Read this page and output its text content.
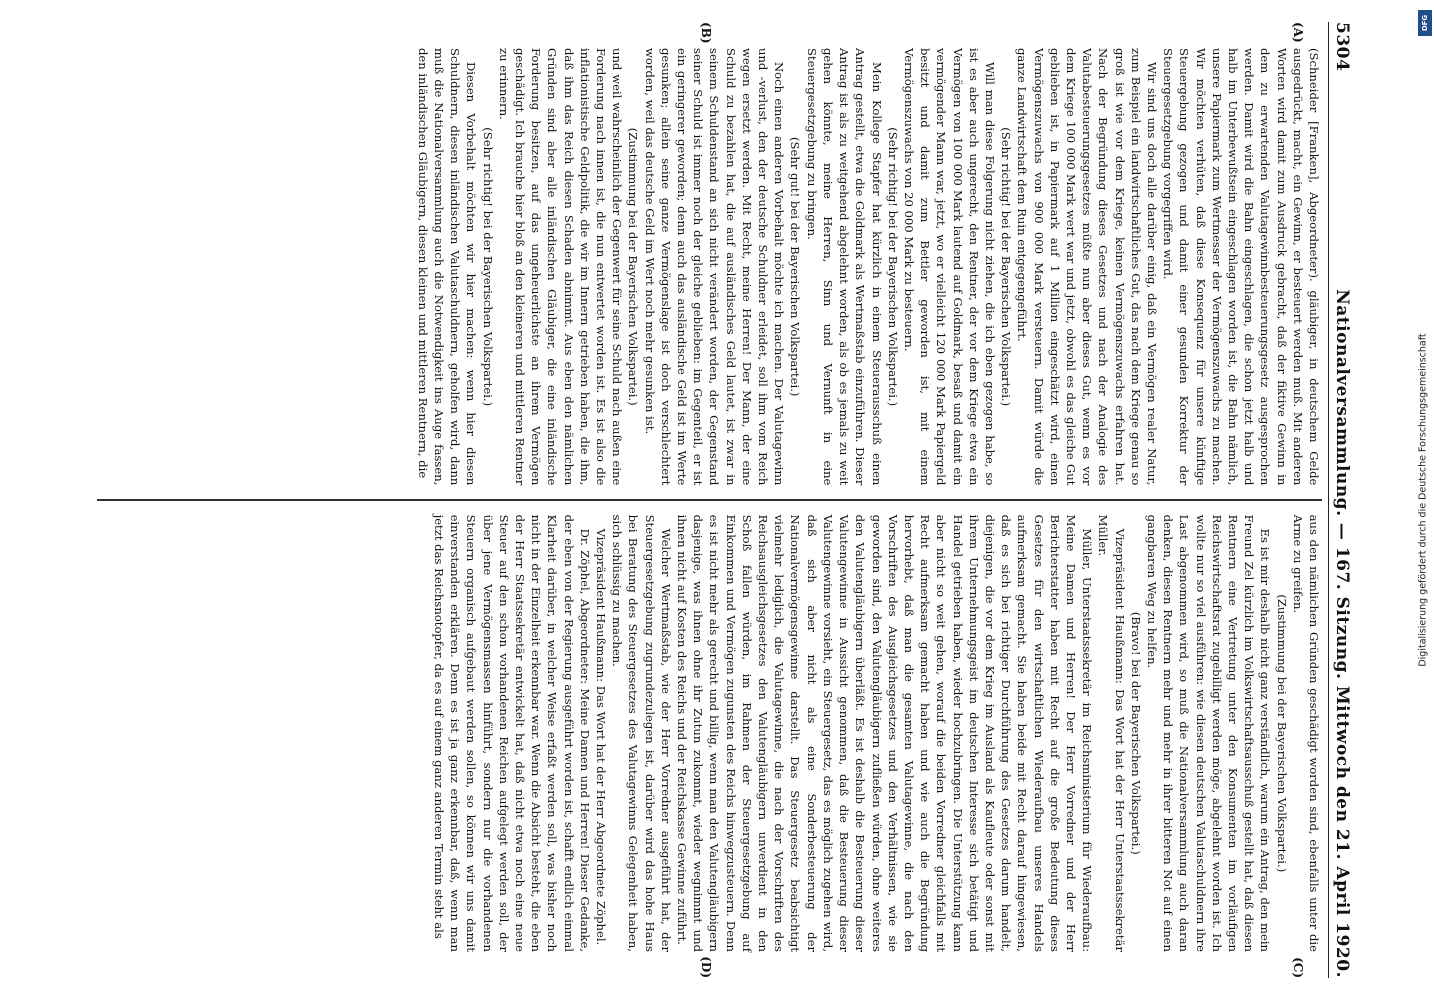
5304
Nationalversammlung. — 167. Sitzung. Mittwoch den 21. April 1920.
(A)
(B)

(Schneider [Franken], Abgeordneter). gläubiger, in deutschem Gelde ausgedrückt, macht, ein Gewinn, er besteuert werden muß. Mit anderen Worten wird damit zum Ausdruck gebracht, daß der fiktive Gewinn in dem zu erwartenden Valutagewinnbesteuerungsgesetz ausgesprochen werden. Damit wird die Bahn eingeschlagen, die schon jetzt halb und halb im Unterbewußtsein eingeschlagen worden ist, die Bahn nämlich, unsere Papiermark zum Wertmesser der Vermögenszuwachs zu machen. Wir möchten verhüten, daß diese Konsequenz für unsere künftige Steuergebung gezogen und damit einer gesunden Korrektur der Steuergesetzgebung vorgegriffen wird.

Wir sind uns doch alle darüber einig, daß ein Vermögen realer Natur, zum Beispiel ein landwirtschaftliches Gut, das nach dem Kriege genau so groß ist wie vor dem Kriege, keinen Vermögenszuwachs erfahren hat. Nach der Begründung dieses Gesetzes und nach der Analogie des Valutabesteuerungsgesetzes müßte nun aber dieses Gut, wenn es vor dem Kriege 100 000 Mark wert war und jetzt, obwohl es das gleiche Gut geblieben ist, in Papiermark auf 1 Million eingeschätzt wird, einen Vermögenszuwachs von 900 000 Mark versteuern. Damit würde die ganze Landwirtschaft dem Ruin entgegengeführt.

(Sehr richtig! bei der Bayerischen Volkspartei.)

Will man diese Folgerung nicht ziehen, die ich eben gezogen habe, so ist es aber auch ungerecht, den Rentner, der vor dem Kriege etwa ein Vermögen von 100 000 Mark lautend auf Goldmark, besaß und damit ein vermögender Mann war, jetzt, wo er vielleicht 120 000 Mark Papiergeld besitzt und damit zum Bettler geworden ist, mit einem Vermögenszuwachs von 20 000 Mark zu besteuern.

(Sehr richtig! bei der Bayerischen Volkspartei.)

Mein Kollege Stapfer hat kürzlich in einem Steuerausschuß einen Antrag gestellt, etwa die Goldmark als Wertmaßstab einzuführen. Dieser Antrag ist als zu weitgehend abgelehnt worden, als ob es jemals zu weit gehen könnte, meine Herren, Sinn und Vernunft in eine Steuergesetzgebung zu bringen.

(Sehr gut! bei der Bayerischen Volkspartei.)

Noch einen anderen Vorbehalt möchte ich machen. Der Valutagewinn und -verlust, den der deutsche Schuldner erleidet, soll ihm vom Reich wegen ersetzt werden. Mit Recht, meine Herren! Der Mann, der eine Schuld zu bezahlen hat, die auf ausländisches Geld lautet, ist zwar in seinem Schuldenstand an sich nicht verändert worden, der Gegenstand seiner Schuld ist immer noch der gleiche geblieben: im Gegenteil, er ist ein geringerer geworden; denn auch das ausländische Geld ist im Werte gesunken; allein seine ganze Vermögenslage ist doch verschlechtert worden, weil das deutsche Geld im Wert noch mehr gesunken ist.

(Zustimmung bei der Bayerischen Volkspartei.)

und weil wahrscheinlich der Gegenwert für seine Schuld nach außen eine Forderung nach innen ist, die nun entwertet worden ist. Es ist also die inflationistische Geldpolitik, die wir im Innern getrieben haben, die ihm, daß ihm das Reich diesen Schaden abnimmt. Aus eben den nämlichen Gründen sind aber alle inländischen Gläubiger, die eine inländische Forderung besitzen, auf das ungeheuerlichste an ihrem Vermögen geschädigt. Ich brauche hier bloß an den kleineren und mittleren Rentner zu erinnern.

(Sehr richtig! bei der Bayerischen Volkspartei.)

Diesen Vorbehalt möchten wir hier machen: wenn hier diesen Schuldnern, diesen inländischen Valutaschuldnern, geholfen wird, dann muß die Nationalversammlung auch die Notwendigkeit ins Auge fassen, den inländischen Gläubigern, diesen kleinen und mittleren Rentnern, die

(C)
(D)

aus den nämlichen Gründen geschädigt worden sind, ebenfalls unter die Arme zu greifen.

(Zustimmung bei der Bayerischen Volkspartei.)

Es ist mir deshalb nicht ganz verständlich, warum ein Antrag, den mein Freund Zel kürzlich im Volkswirtschaftsausschuß gestellt hat, daß diesen Rentnern eine Vertretung unter den Konsumenten im vorläufigen Reichswirtschaftsrat zugebilligt werden möge, abgelehnt worden ist. Ich wollte nur so viel ausführen: wie diesen deutschen Valutaschuldnern ihre Last abgenommen wird, so muß die Nationalversammlung auch daran denken, diesen Rentnern mehr und mehr in ihrer bitteren Not auf einen gangbaren Weg zu helfen.

(Bravo! bei der Bayerischen Volkspartei.)

Vizepräsident Haußmann: Das Wort hat der Herr Unterstaatssekretär Müller.

Müller, Unterstaatssekretär im Reichsministerium für Wiederaufbau: Meine Damen und Herren! Der Herr Vorredner und der Herr Berichterstatter haben mit Recht auf die große Bedeutung dieses Gesetzes für den wirtschaftlichen Wiederaufbau unseres Handels aufmerksam gemacht. Sie haben beide mit Recht darauf hingewiesen, daß es sich bei richtiger Durchführung des Gesetzes darum handelt, diejenigen, die vor dem Krieg im Ausland als Kaufleute oder sonst mit ihrem Unternehmungsgeist im deutschen Interesse sich betätigt und Handel getrieben haben, wieder hochzubringen. Die Unterstützung kann aber nicht so weit gehen, worauf die beiden Vorredner gleichfalls mit Recht aufmerksam gemacht haben und wie auch die Begründung hervorhebt, daß man die gesamten Valutagewinne, die nach den Vorschriften des Ausgleichsgesetzes und den Verhältnissen, wie sie geworden sind, den Valutengläubigern zufließen würden, ohne weiteres den Valutengläubigern überläßt. Es ist deshalb die Besteuerung dieser Valutengewinne in Aussicht genommen, daß die Besteuerung dieser Valutengewinne vorsieht, ein Steuergesetz, das es möglich zugehen wird, daß sich aber nicht als eine Sonderbesteuerung der Nationalvermögensgewinne darstellt. Das Steuergesetz beabsichtigt vielmehr lediglich, die Valutagewinne, die nach der Vorschriften des Reichsausgleichsgesetzes den Valutengläubigern unverdient in den Schoß fallen würden, im Rahmen der Steuergesetzgebung auf Einkommen und Vermögen zugunsten des Reichs hinwegzusteuern. Denn es ist nicht mehr als gerecht und billig, wenn man den Valutengläubigern dasjenige, was ihnen ohne ihr Zutun zukommt, wieder wegnimmt und ihnen nicht auf Kosten des Reichs und der Reichskasse Gewinne zuführt.

Welcher Wertmaßstab, wie der Herr Vorredner ausgeführt hat, der Steuergesetzgebung zugrundezulegen ist, darüber wird das hohe Haus bei Beratung des Steuergesetzes des Valutagewinns Gelegenheit haben, sich schlüssig zu machen.

Vizepräsident Haußmann: Das Wort hat der Herr Abgeordnete Zöphel.

Dr. Zöphel, Abgeordneter: Meine Damen und Herren! Dieser Gedanke, der eben von der Regierung ausgeführt worden ist, schafft endlich einmal Klarheit darüber, in welcher Weise erfaßt werden soll, was bisher noch nicht in der Einzelheit erkennbar war. Wenn die Absicht besteht, die eben der Herr Staatssekretär entwickelt hat, daß nicht etwa noch eine neue Steuer auf den schon vorhandenen Reichen aufgelegt werden soll, der über jene Vermögensmassen hinführt, sondern nur die vorhandenen Steuern organisch aufgebaut werden sollen, so können wir uns damit einverstanden erklären. Denn es ist ja ganz erkennbar, daß, wenn man jetzt das Reichsnotopfer, da es auf einem ganz anderen Termin steht als

DFG
Digitalisierung gefördert durch die Deutsche Forschungsgemeinschaft
